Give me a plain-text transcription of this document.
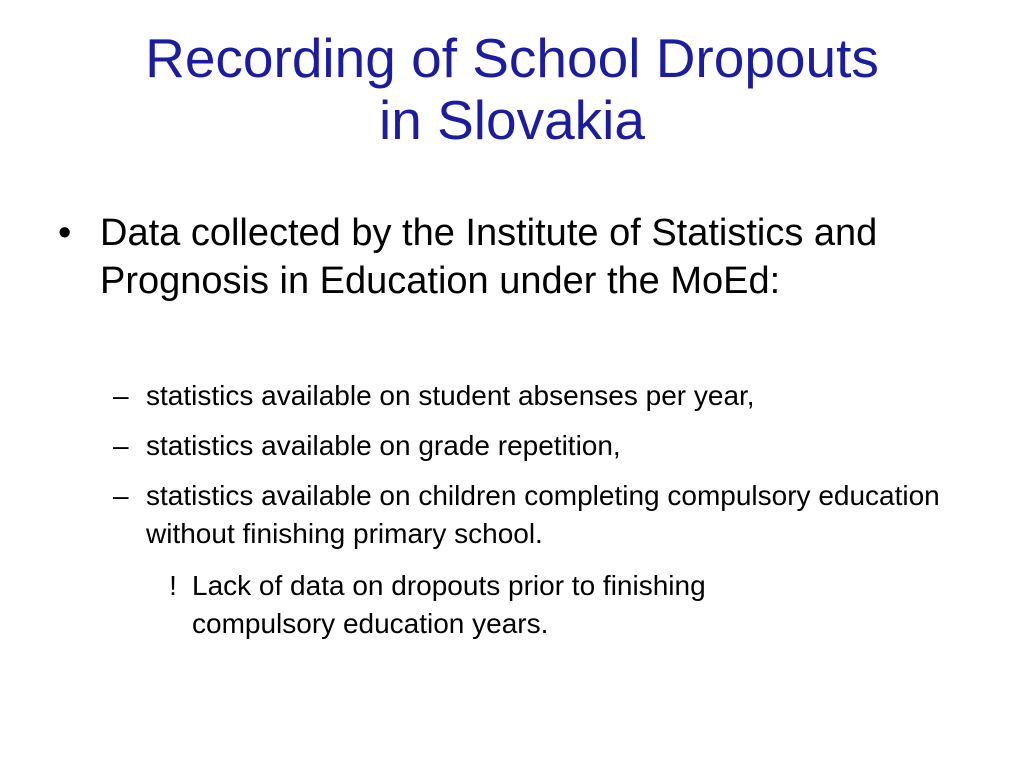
Recording of School Dropouts
in Slovakia
• Data collected by the Institute of Statistics and Prognosis in Education under the MoEd:
– statistics available on student absenses per year,
– statistics available on grade repetition,
– statistics available on children completing compulsory education without finishing primary school.
! Lack of data on dropouts prior to finishing compulsory education years.
